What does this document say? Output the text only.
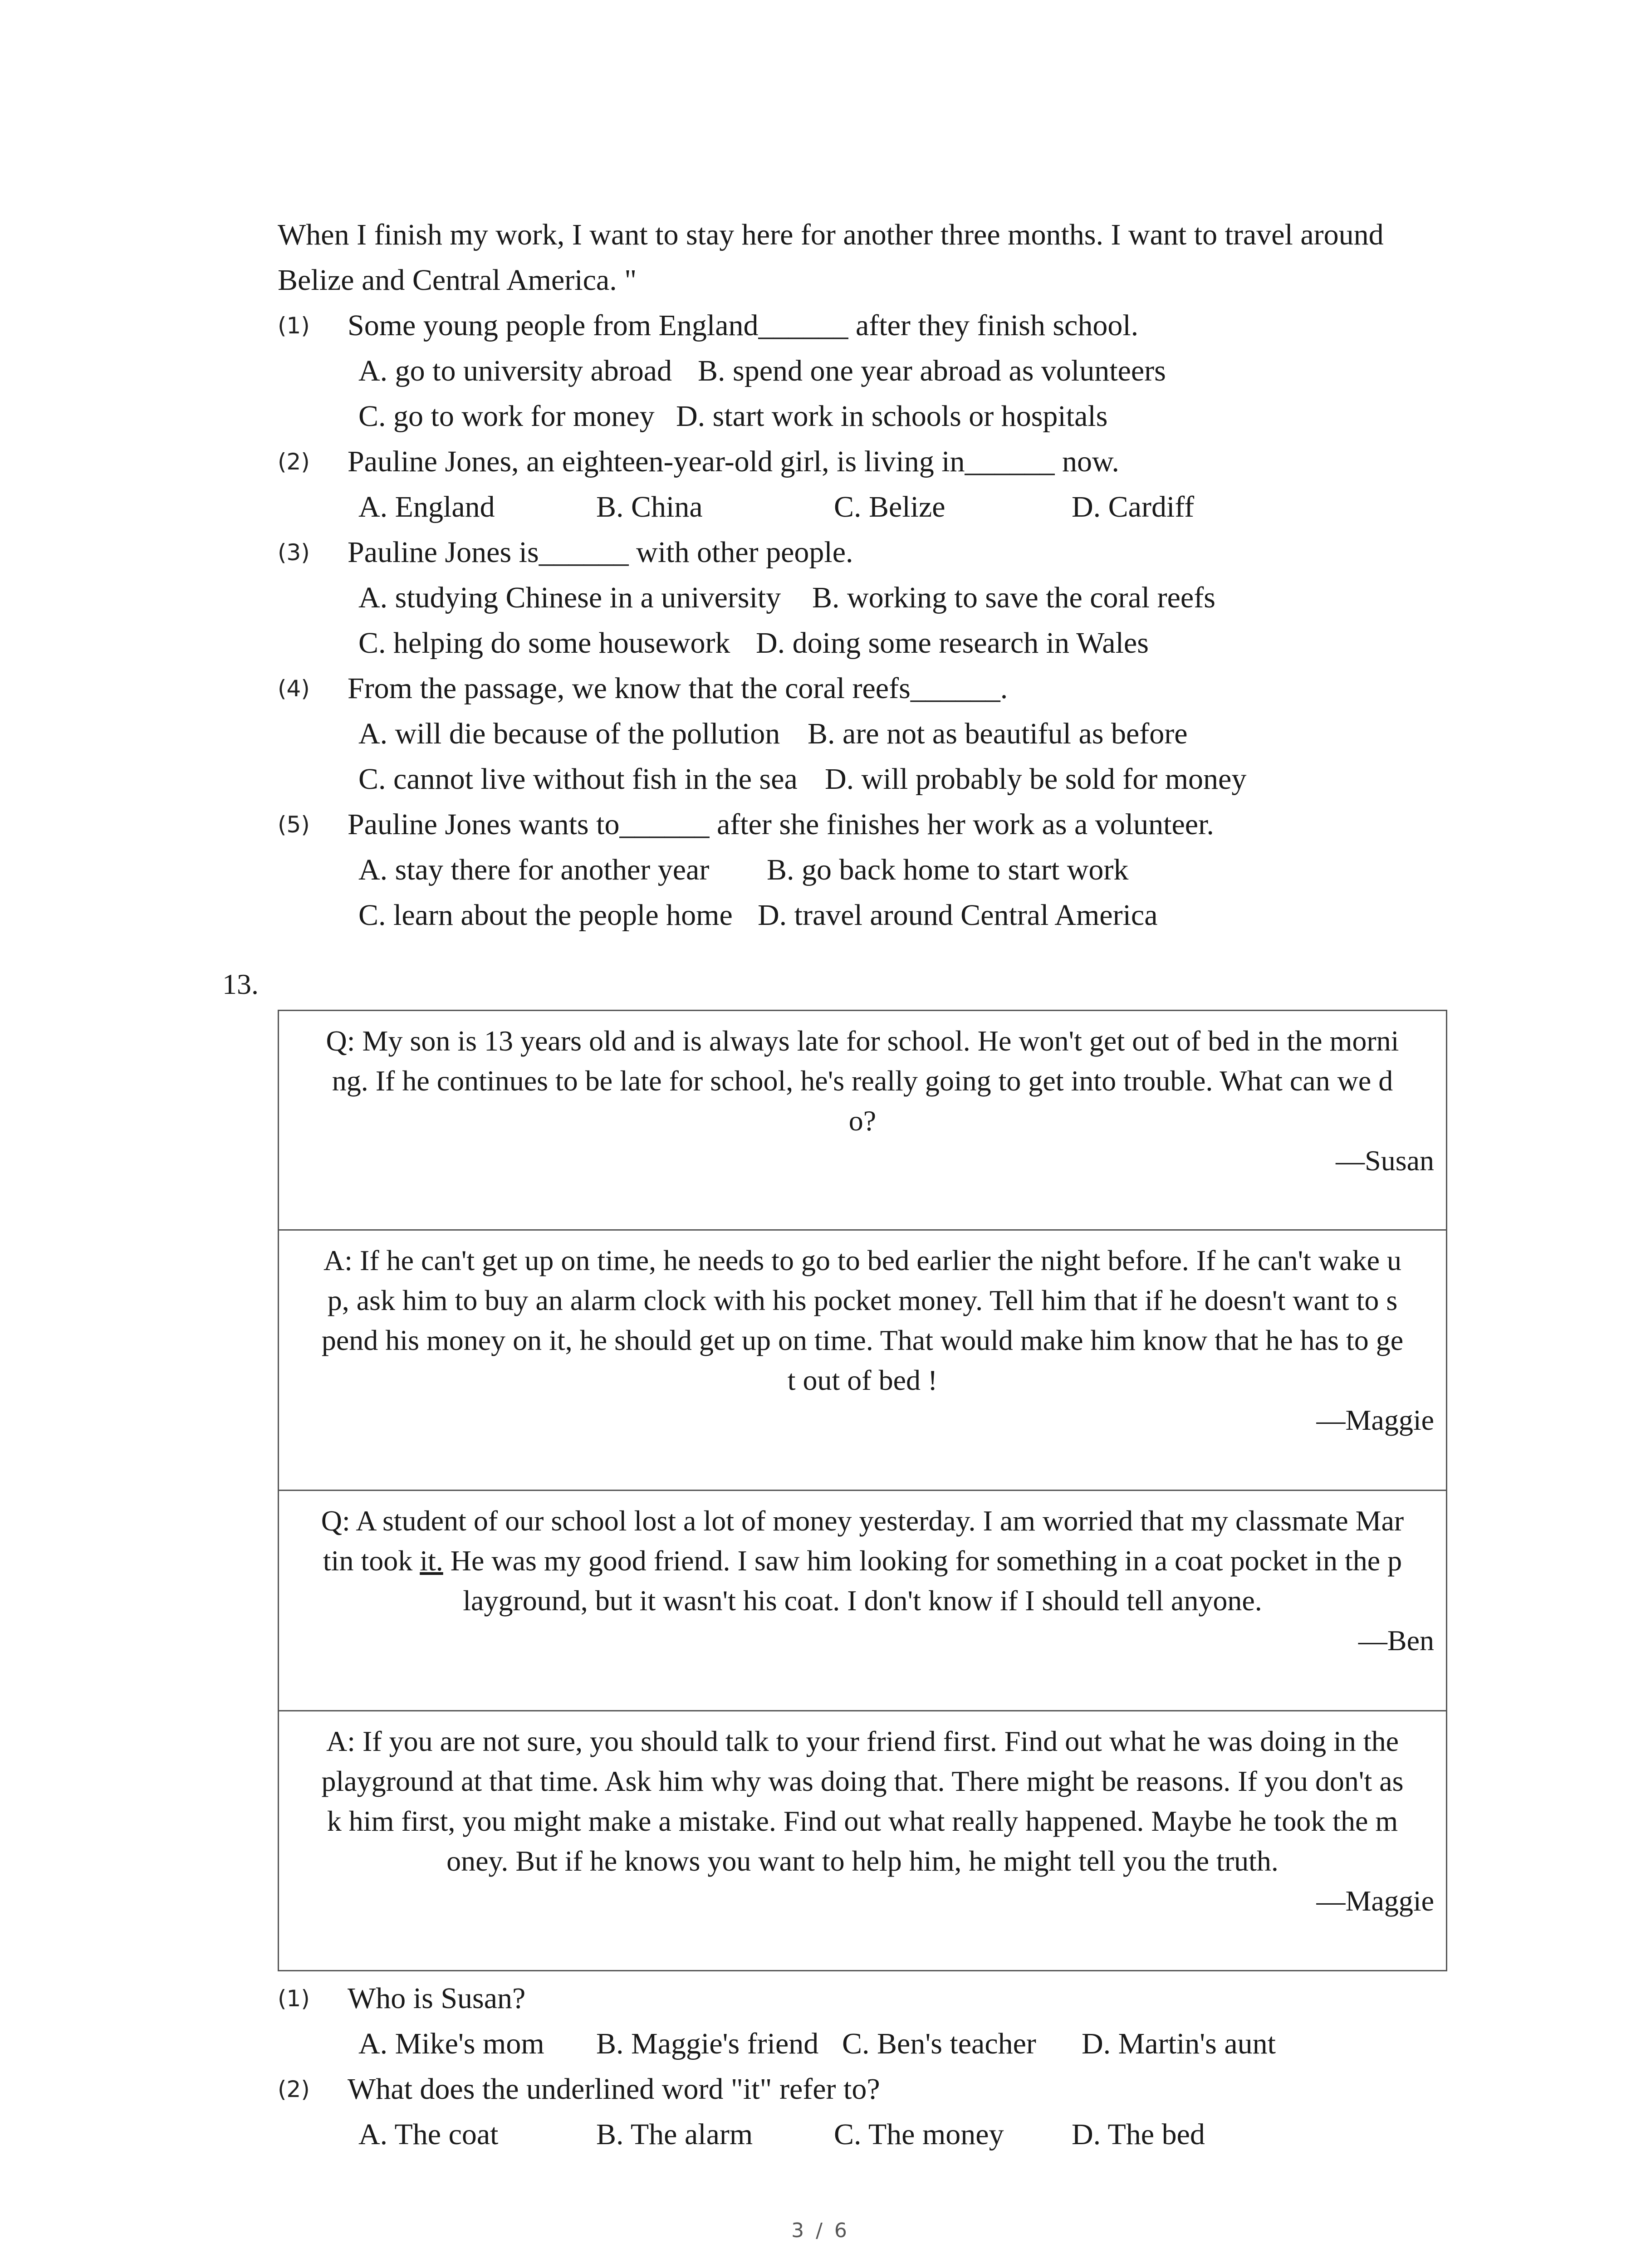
When I finish my work, I want to stay here for another three months. I want to travel around
Belize and Central America. "
(1) Some young people from England______ after they finish school.
A. go to university abroad B. spend one year abroad as volunteers
C. go to work for money D. start work in schools or hospitals
(2) Pauline Jones, an eighteen-year-old girl, is living in______ now.
A. England	B. China	C. Belize	D. Cardiff
(3) Pauline Jones is______ with other people.
A. studying Chinese in a university B. working to save the coral reefs
C. helping do some housework D. doing some research in Wales
(4) From the passage, we know that the coral reefs______.
A. will die because of the pollution B. are not as beautiful as before
C. cannot live without fish in the sea D. will probably be sold for money
(5) Pauline Jones wants to______ after she finishes her work as a volunteer.
A. stay there for another year B. go back home to start work
C. learn about the people home D. travel around Central America
13.
Q: My son is 13 years old and is always late for school. He won't get out of bed in the morni
ng. If he continues to be late for school, he's really going to get into trouble. What can we d
o?
—Susan
A: If he can't get up on time, he needs to go to bed earlier the night before. If he can't wake u
p, ask him to buy an alarm clock with his pocket money. Tell him that if he doesn't want to s
pend his money on it, he should get up on time. That would make him know that he has to ge
t out of bed !
—Maggie
Q: A student of our school lost a lot of money yesterday. I am worried that my classmate Mar
tin took it. He was my good friend. I saw him looking for something in a coat pocket in the p
layground, but it wasn't his coat. I don't know if I should tell anyone.
—Ben
A: If you are not sure, you should talk to your friend first. Find out what he was doing in the
playground at that time. Ask him why was doing that. There might be reasons. If you don't as
k him first, you might make a mistake. Find out what really happened. Maybe he took the m
oney. But if he knows you want to help him, he might tell you the truth.
—Maggie
(1) Who is Susan?
A. Mike's mom B. Maggie's friend C. Ben's teacher D. Martin's aunt
(2) What does the underlined word "it" refer to?
A. The coat	B. The alarm	C. The money D. The bed
3 / 6
